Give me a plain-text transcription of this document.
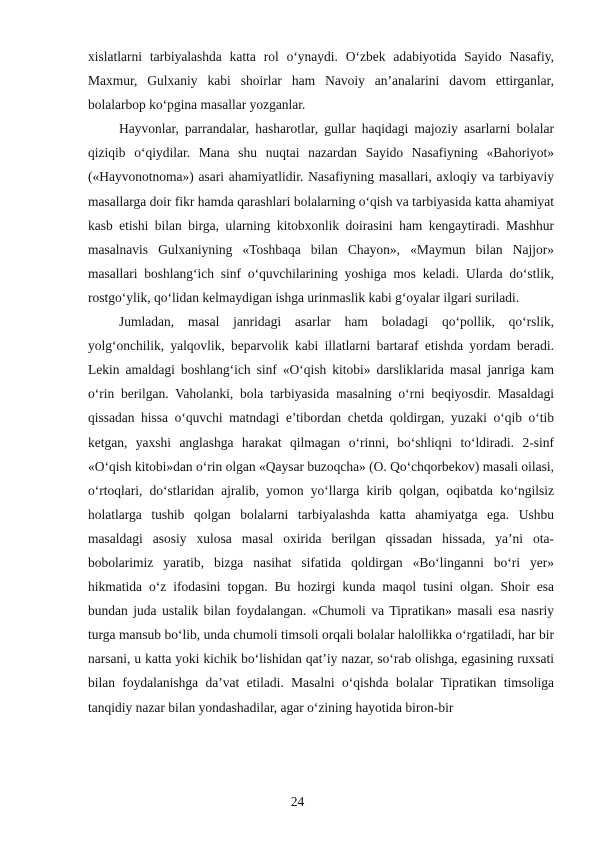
xislatlarni tarbiyalashda katta rol o‘ynaydi. O‘zbek adabiyotida Sayido Nasafiy, Maxmur, Gulxaniy kabi shoirlar ham Navoiy an’analarini davom ettirganlar, bolalarbop ko‘pgina masallar yozganlar.

Hayvonlar, parrandalar, hasharotlar, gullar haqidagi majoziy asarlarni bolalar qiziqib o‘qiydilar. Mana shu nuqtai nazardan Sayido Nasafiyning «Bahoriyot» («Hayvonotnoma») asari ahamiyatlidir. Nasafiyning masallari, axloqiy va tarbiyaviy masallarga doir fikr hamda qarashlari bolalarning o‘qish va tarbiyasida katta ahamiyat kasb etishi bilan birga, ularning kitobxonlik doirasini ham kengaytiradi. Mashhur masalnavis Gulxaniyning «Toshbaqa bilan Chayon», «Maymun bilan Najjor» masallari boshlang‘ich sinf o‘quvchilarining yoshiga mos keladi. Ularda do‘stlik, rostgo‘ylik, qo‘lidan kelmaydigan ishga urinmaslik kabi g‘oyalar ilgari suriladi.

Jumladan, masal janridagi asarlar ham boladagi qo‘pollik, qo‘rslik, yolg‘onchilik, yalqovlik, beparvolik kabi illatlarni bartaraf etishda yordam beradi. Lekin amaldagi boshlang‘ich sinf «O‘qish kitobi» darsliklarida masal janriga kam o‘rin berilgan. Vaholanki, bola tarbiyasida masalning o‘rni beqiyosdir. Masaldagi qissadan hissa o‘quvchi matndagi e’tibordan chetda qoldirgan, yuzaki o‘qib o‘tib ketgan, yaxshi anglashga harakat qilmagan o‘rinni, bo‘shliqni to‘ldiradi. 2-sinf «O‘qish kitobi»dan o‘rin olgan «Qaysar buzoqcha» (O. Qo‘chqorbekov) masali oilasi, o‘rtoqlari, do‘stlaridan ajralib, yomon yo‘llarga kirib qolgan, oqibatda ko‘ngilsiz holatlarga tushib qolgan bolalarni tarbiyalashda katta ahamiyatga ega. Ushbu masaldagi asosiy xulosa masal oxirida berilgan qissadan hissada, ya’ni ota-bobolarimiz yaratib, bizga nasihat sifatida qoldirgan «Bo‘linganni bo‘ri yer» hikmatida o‘z ifodasini topgan. Bu hozirgi kunda maqol tusini olgan. Shoir esa bundan juda ustalik bilan foydalangan. «Chumoli va Tipratikan» masali esa nasriy turga mansub bo‘lib, unda chumoli timsoli orqali bolalar halollikka o‘rgatiladi, har bir narsani, u katta yoki kichik bo‘lishidan qat’iy nazar, so‘rab olishga, egasining ruxsati bilan foydalanishga da’vat etiladi. Masalni o‘qishda bolalar Tipratikan timsoliga tanqidiy nazar bilan yondashadilar, agar o‘zining hayotida biron-bir

24
